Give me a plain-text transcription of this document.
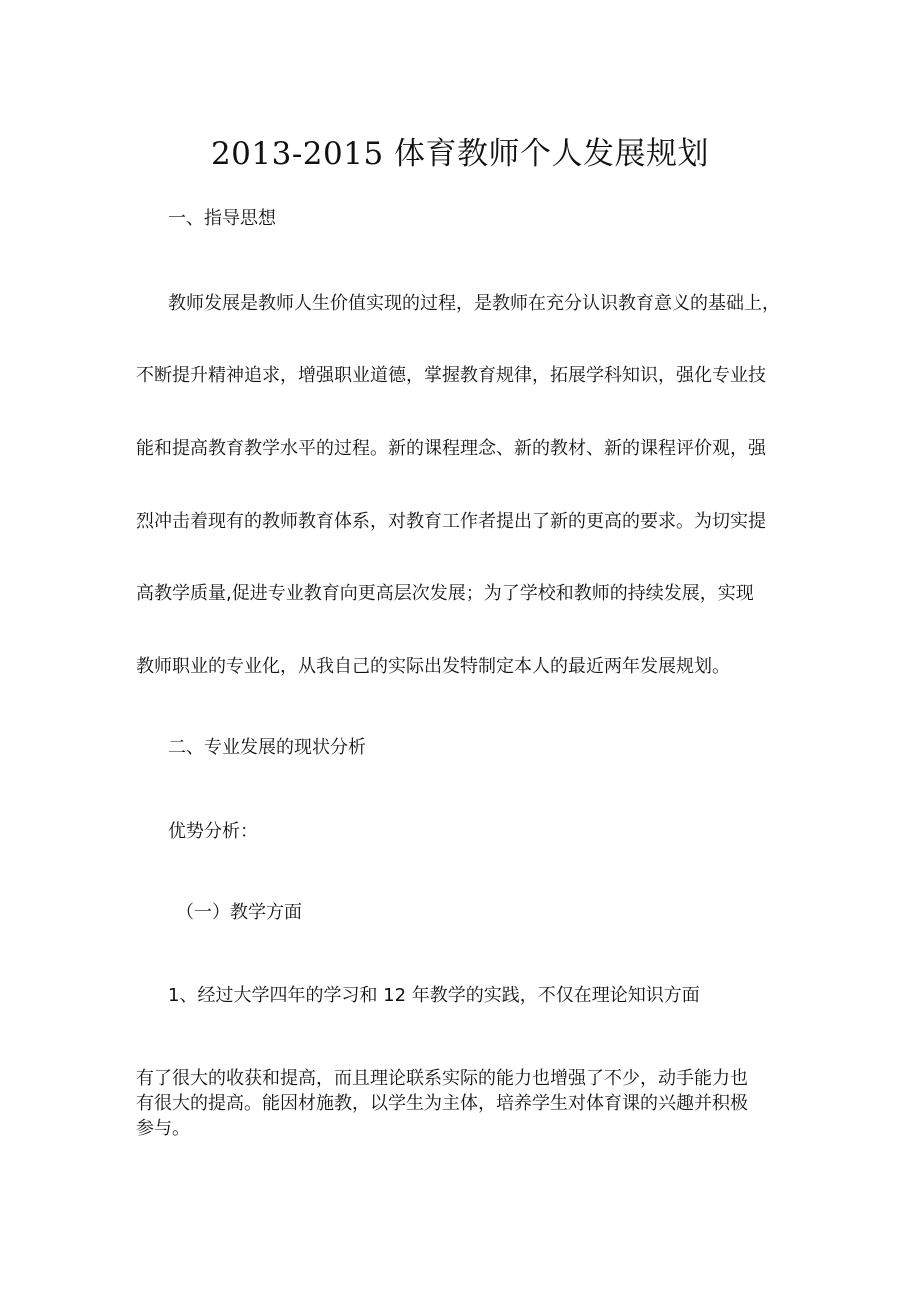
2013-2015 体育教师个人发展规划
一、指导思想
教师发展是教师人生价值实现的过程，是教师在充分认识教育意义的基础上，
不断提升精神追求，增强职业道德，掌握教育规律，拓展学科知识，强化专业技
能和提高教育教学水平的过程。新的课程理念、新的教材、新的课程评价观，强
烈冲击着现有的教师教育体系，对教育工作者提出了新的更高的要求。为切实提
高教学质量,促进专业教育向更高层次发展；为了学校和教师的持续发展，实现
教师职业的专业化，从我自己的实际出发特制定本人的最近两年发展规划。
二、专业发展的现状分析
优势分析：
（一）教学方面
1、经过大学四年的学习和 12 年教学的实践，不仅在理论知识方面
有了很大的收获和提高，而且理论联系实际的能力也增强了不少，动手能力也
有很大的提高。能因材施教，以学生为主体，培养学生对体育课的兴趣并积极
参与。
